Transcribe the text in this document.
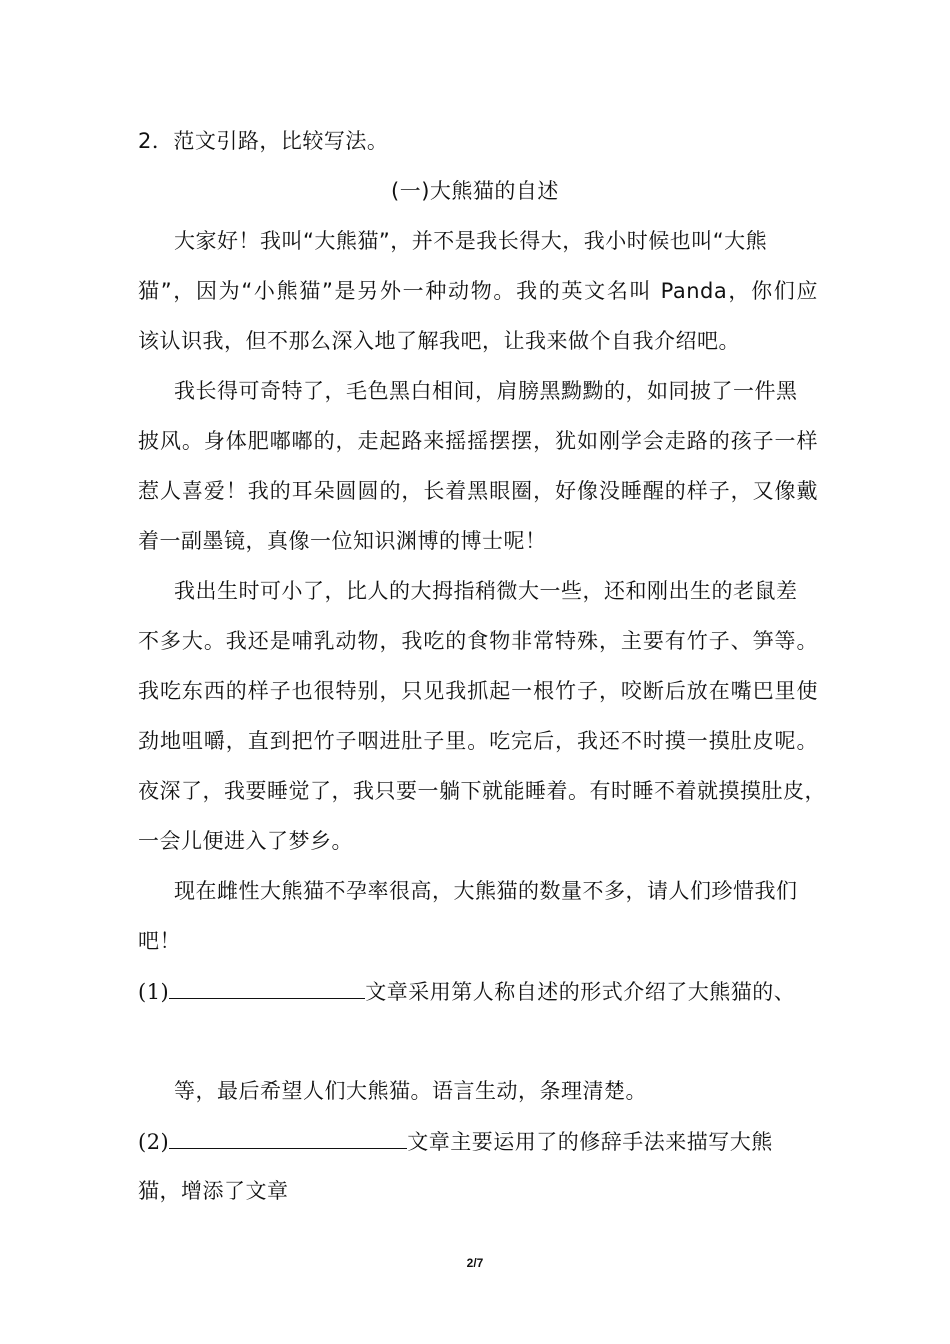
2．范文引路，比较写法。
(一)大熊猫的自述
大家好！我叫“大熊猫”，并不是我长得大，我小时候也叫“大熊
猫”，因为“小熊猫”是另外一种动物。我的英文名叫 Panda，你们应
该认识我，但不那么深入地了解我吧，让我来做个自我介绍吧。
我长得可奇特了，毛色黑白相间，肩膀黑黝黝的，如同披了一件黑
披风。身体肥嘟嘟的，走起路来摇摇摆摆，犹如刚学会走路的孩子一样
惹人喜爱！我的耳朵圆圆的，长着黑眼圈，好像没睡醒的样子，又像戴
着一副墨镜，真像一位知识渊博的博士呢！
我出生时可小了，比人的大拇指稍微大一些，还和刚出生的老鼠差
不多大。我还是哺乳动物，我吃的食物非常特殊，主要有竹子、笋等。
我吃东西的样子也很特别，只见我抓起一根竹子，咬断后放在嘴巴里使
劲地咀嚼，直到把竹子咽进肚子里。吃完后，我还不时摸一摸肚皮呢。
夜深了，我要睡觉了，我只要一躺下就能睡着。有时睡不着就摸摸肚皮，
一会儿便进入了梦乡。
现在雌性大熊猫不孕率很高，大熊猫的数量不多，请人们珍惜我们
吧！
(1)	文章采用第人称自述的形式介绍了大熊猫的、
等，最后希望人们大熊猫。语言生动，条理清楚。
(2)	文章主要运用了的修辞手法来描写大熊
猫，增添了文章
2/7
